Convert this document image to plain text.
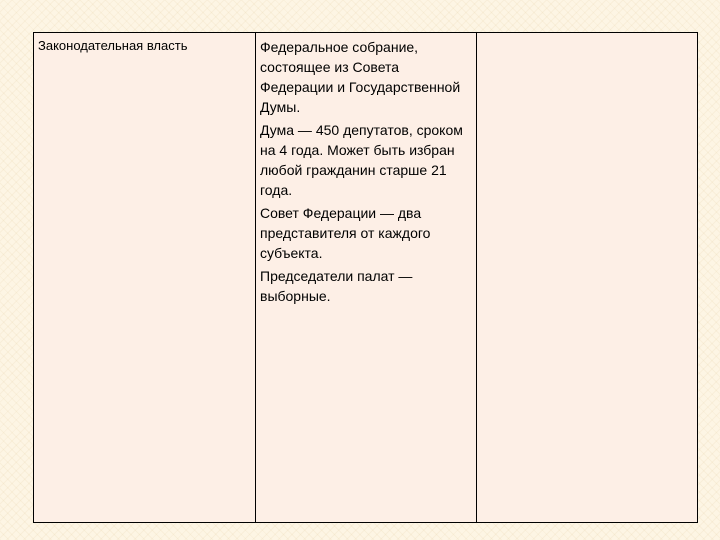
Законодательная власть	Федеральное собрание, состоящее из Совета Федерации и Государственной Думы.

Дума — 450 депутатов, сроком на 4 года. Может быть избран любой гражданин старше 21 года.

Совет Федерации — два представителя от каждого субъекта.

Председатели палат — выборные.
